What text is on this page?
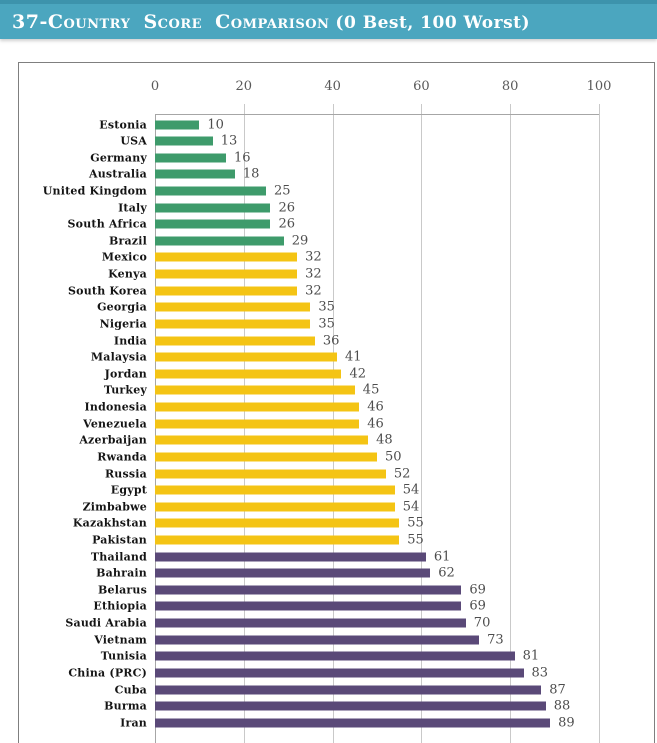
37-Country Score Comparison (0 Best, 100 Worst)
0	20	40	60	80	100
Estonia	10
USA	13
Germany	16
Australia	18
United Kingdom	25
Italy	26
South Africa	26
Brazil	29
Mexico	32
Kenya	32
South Korea	32
Georgia	35
Nigeria	35
India	36
Malaysia	41
Jordan	42
Turkey	45
Indonesia	46
Venezuela	46
Azerbaijan	48
Rwanda	50
Russia	52
Egypt	54
Zimbabwe	54
Kazakhstan	55
Pakistan	55
Thailand	61
Bahrain	62
Belarus	69
Ethiopia	69
Saudi Arabia	70
Vietnam	73
Tunisia	81
China (PRC)	83
Cuba	87
Burma	88
Iran	89
